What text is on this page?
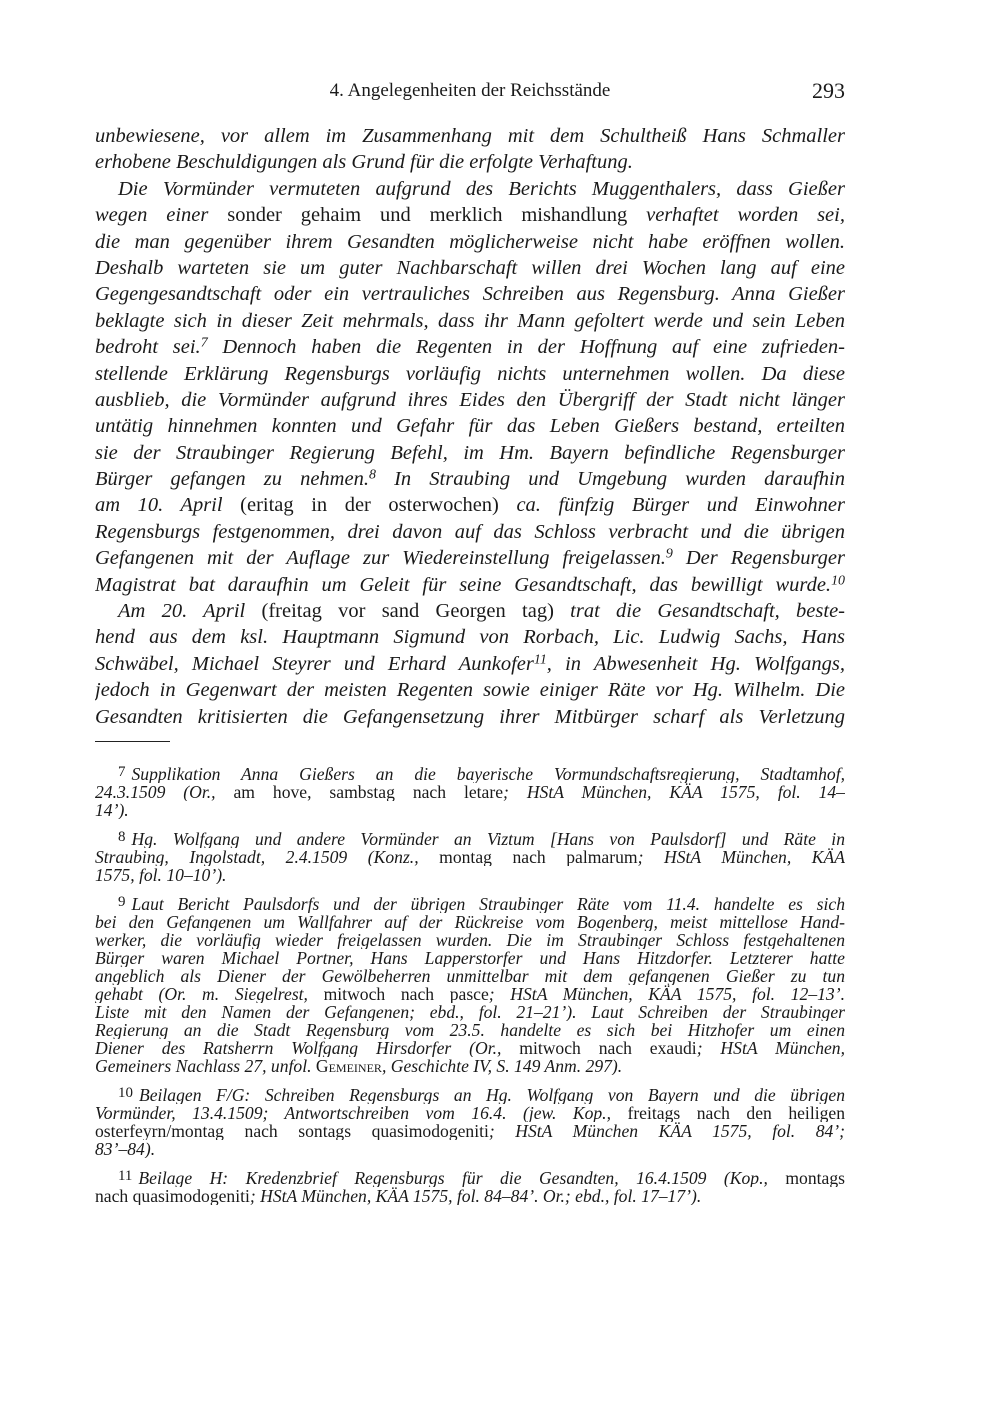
4. Angelegenheiten der Reichsstände	293
unbewiesene, vor allem im Zusammenhang mit dem Schultheiß Hans Schmaller
erhobene Beschuldigungen als Grund für die erfolgte Verhaftung.
Die Vormünder vermuteten aufgrund des Berichts Muggenthalers, dass Gießer
wegen einer sonder gehaim und merklich mishandlung verhaftet worden sei,
die man gegenüber ihrem Gesandten möglicherweise nicht habe eröffnen wollen.
Deshalb warteten sie um guter Nachbarschaft willen drei Wochen lang auf eine
Gegengesandtschaft oder ein vertrauliches Schreiben aus Regensburg. Anna Gießer
beklagte sich in dieser Zeit mehrmals, dass ihr Mann gefoltert werde und sein Leben
bedroht sei.$^7$ Dennoch haben die Regenten in der Hoffnung auf eine zufrieden-
stellende Erklärung Regensburgs vorläufig nichts unternehmen wollen. Da diese
ausblieb, die Vormünder aufgrund ihres Eides den Übergriff der Stadt nicht länger
untätig hinnehmen konnten und Gefahr für das Leben Gießers bestand, erteilten
sie der Straubinger Regierung Befehl, im Hm. Bayern befindliche Regensburger
Bürger gefangen zu nehmen.$^8$ In Straubing und Umgebung wurden daraufhin
am 10. April (eritag in der osterwochen) ca. fünfzig Bürger und Einwohner
Regensburgs festgenommen, drei davon auf das Schloss verbracht und die übrigen
Gefangenen mit der Auflage zur Wiedereinstellung freigelassen.$^9$ Der Regensburger
Magistrat bat daraufhin um Geleit für seine Gesandtschaft, das bewilligt wurde.$^{10}$
Am 20. April (freitag vor sand Georgen tag) trat die Gesandtschaft, beste-
hend aus dem ksl. Hauptmann Sigmund von Rorbach, Lic. Ludwig Sachs, Hans
Schwäbel, Michael Steyrer und Erhard Aunkofer$^{11}$, in Abwesenheit Hg. Wolfgangs,
jedoch in Gegenwart der meisten Regenten sowie einiger Räte vor Hg. Wilhelm. Die
Gesandten kritisierten die Gefangensetzung ihrer Mitbürger scharf als Verletzung
$^7$ Supplikation Anna Gießers an die bayerische Vormundschaftsregierung, Stadtamhof,
24.3.1509 (Or., am hove, sambstag nach letare; HStA München, KÄA 1575, fol. 14–
14’).
$^8$ Hg. Wolfgang und andere Vormünder an Viztum [Hans von Paulsdorf] und Räte in
Straubing, Ingolstadt, 2.4.1509 (Konz., montag nach palmarum; HStA München, KÄA
1575, fol. 10–10’).
$^9$ Laut Bericht Paulsdorfs und der übrigen Straubinger Räte vom 11.4. handelte es sich
bei den Gefangenen um Wallfahrer auf der Rückreise vom Bogenberg, meist mittellose Hand-
werker, die vorläufig wieder freigelassen wurden. Die im Straubinger Schloss festgehaltenen
Bürger waren Michael Portner, Hans Lapperstorfer und Hans Hitzdorfer. Letzterer hatte
angeblich als Diener der Gewölbeherren unmittelbar mit dem gefangenen Gießer zu tun
gehabt (Or. m. Siegelrest, mitwoch nach pasce; HStA München, KÄA 1575, fol. 12–13’.
Liste mit den Namen der Gefangenen; ebd., fol. 21–21’). Laut Schreiben der Straubinger
Regierung an die Stadt Regensburg vom 23.5. handelte es sich bei Hitzhofer um einen
Diener des Ratsherrn Wolfgang Hirsdorfer (Or., mitwoch nach exaudi; HStA München,
Gemeiners Nachlass 27, unfol. Gemeiner, Geschichte IV, S. 149 Anm. 297).
$^{10}$ Beilagen F/G: Schreiben Regensburgs an Hg. Wolfgang von Bayern und die übrigen
Vormünder, 13.4.1509; Antwortschreiben vom 16.4. (jew. Kop., freitags nach den heiligen
osterfeyrn/montag nach sontags quasimodogeniti; HStA München KÄA 1575, fol. 84’;
83’–84).
$^{11}$ Beilage H: Kredenzbrief Regensburgs für die Gesandten, 16.4.1509 (Kop., montags
nach quasimodogeniti; HStA München, KÄA 1575, fol. 84–84’. Or.; ebd., fol. 17–17’).
